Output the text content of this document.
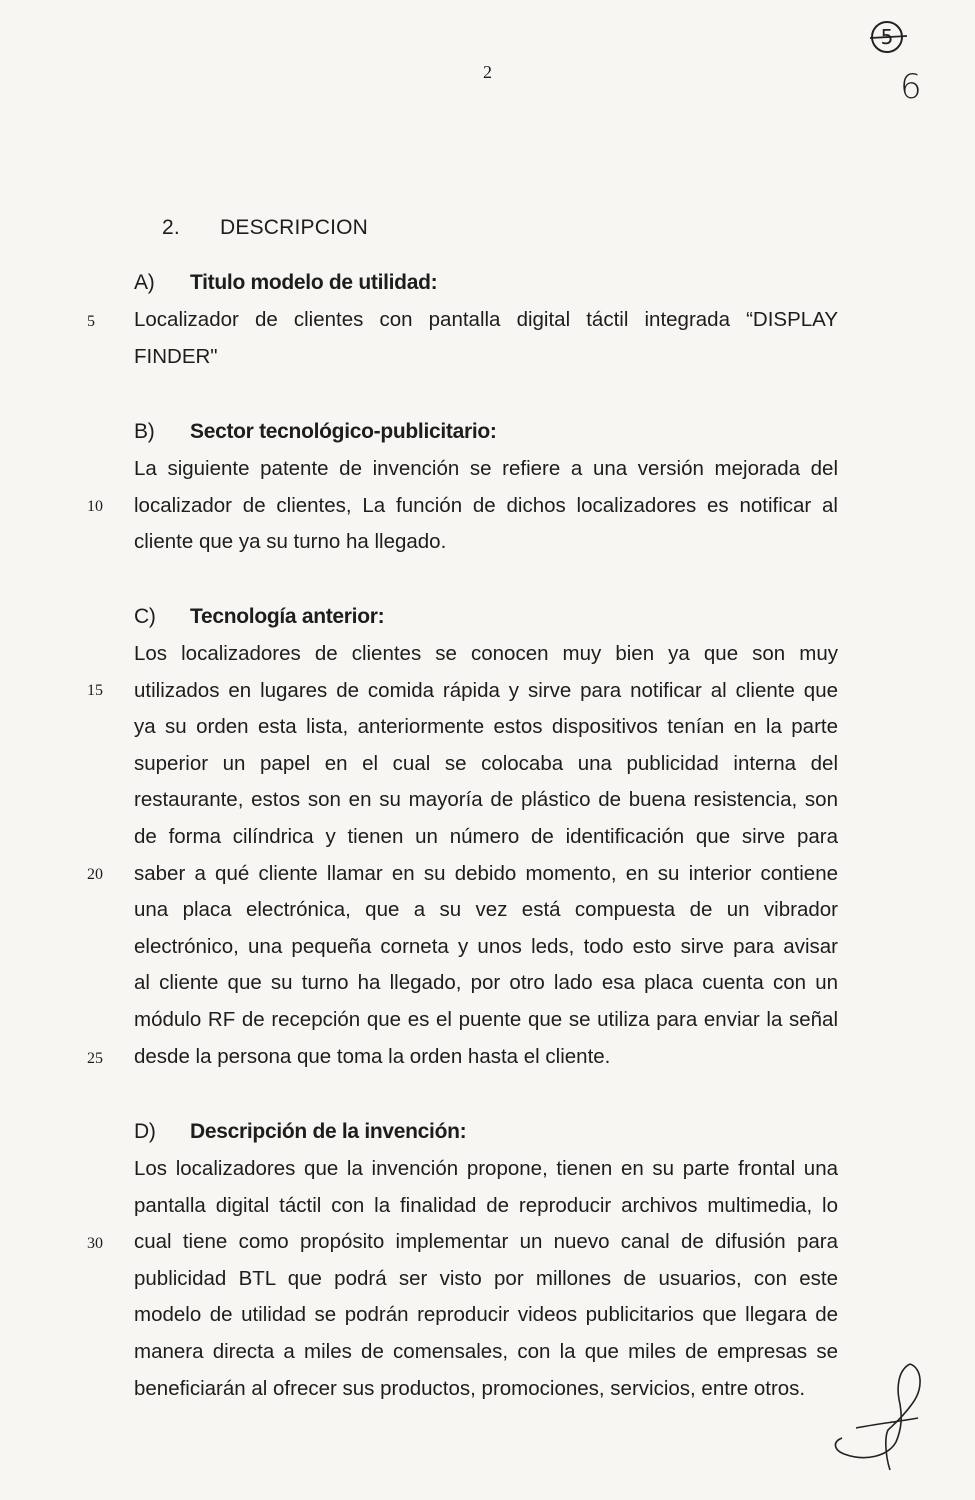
2
5
6
2. DESCRIPCION
A) Titulo modelo de utilidad:
Localizador de clientes con pantalla digital táctil integrada “DISPLAY
FINDER"
B) Sector tecnológico-publicitario:
La siguiente patente de invención se refiere a una versión mejorada del
localizador de clientes, La función de dichos localizadores es notificar al
cliente que ya su turno ha llegado.
C) Tecnología anterior:
Los localizadores de clientes se conocen muy bien ya que son muy
utilizados en lugares de comida rápida y sirve para notificar al cliente que
ya su orden esta lista, anteriormente estos dispositivos tenían en la parte
superior un papel en el cual se colocaba una publicidad interna del
restaurante, estos son en su mayoría de plástico de buena resistencia, son
de forma cilíndrica y tienen un número de identificación que sirve para
saber a qué cliente llamar en su debido momento, en su interior contiene
una placa electrónica, que a su vez está compuesta de un vibrador
electrónico, una pequeña corneta y unos leds, todo esto sirve para avisar
al cliente que su turno ha llegado, por otro lado esa placa cuenta con un
módulo RF de recepción que es el puente que se utiliza para enviar la señal
desde la persona que toma la orden hasta el cliente.
D) Descripción de la invención:
Los localizadores que la invención propone, tienen en su parte frontal una
pantalla digital táctil con la finalidad de reproducir archivos multimedia, lo
cual tiene como propósito implementar un nuevo canal de difusión para
publicidad BTL que podrá ser visto por millones de usuarios, con este
modelo de utilidad se podrán reproducir videos publicitarios que llegara de
manera directa a miles de comensales, con la que miles de empresas se
beneficiarán al ofrecer sus productos, promociones, servicios, entre otros.
5
10
15
20
25
30
